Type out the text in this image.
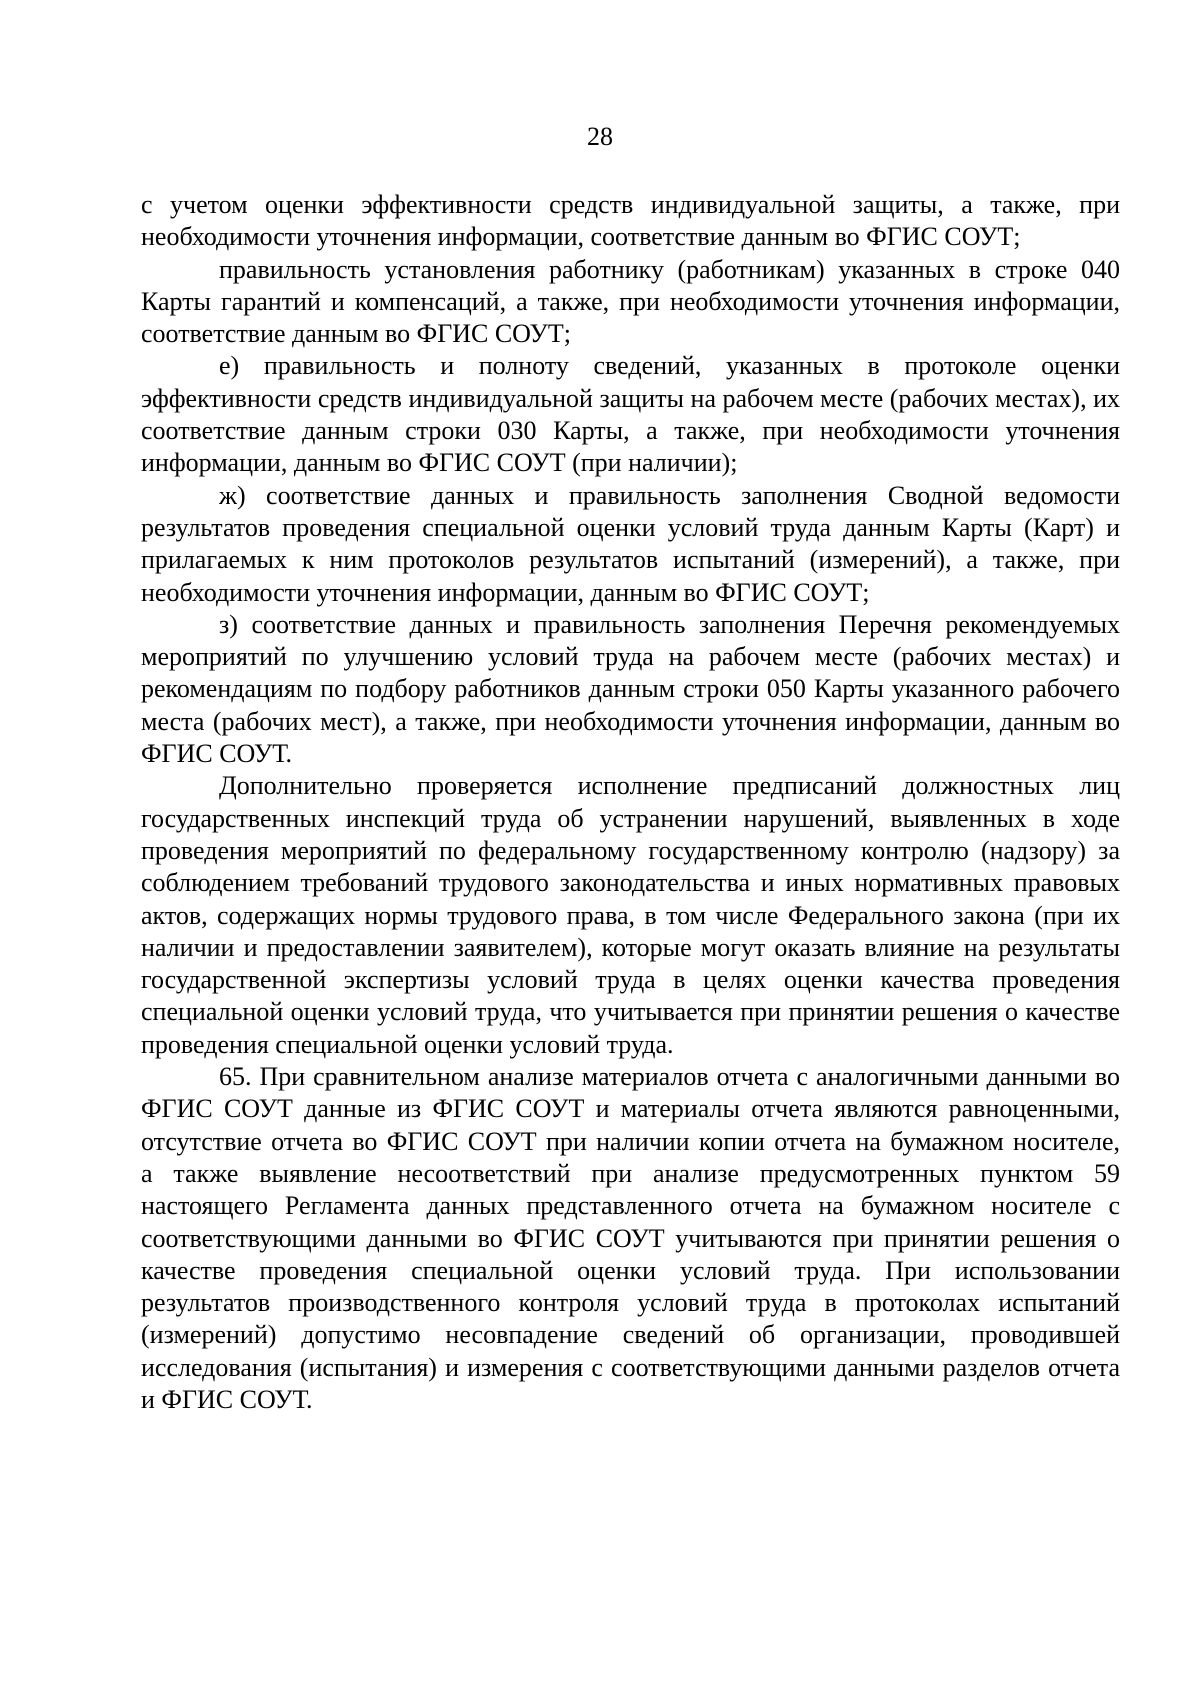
28

с учетом оценки эффективности средств индивидуальной защиты, а также, при необходимости уточнения информации, соответствие данным во ФГИС СОУТ;

правильность установления работнику (работникам) указанных в строке 040 Карты гарантий и компенсаций, а также, при необходимости уточнения информации, соответствие данным во ФГИС СОУТ;

е) правильность и полноту сведений, указанных в протоколе оценки эффективности средств индивидуальной защиты на рабочем месте (рабочих местах), их соответствие данным строки 030 Карты, а также, при необходимости уточнения информации, данным во ФГИС СОУТ (при наличии);

ж) соответствие данных и правильность заполнения Сводной ведомости результатов проведения специальной оценки условий труда данным Карты (Карт) и прилагаемых к ним протоколов результатов испытаний (измерений), а также, при необходимости уточнения информации, данным во ФГИС СОУТ;

з) соответствие данных и правильность заполнения Перечня рекомендуемых мероприятий по улучшению условий труда на рабочем месте (рабочих местах) и рекомендациям по подбору работников данным строки 050 Карты указанного рабочего места (рабочих мест), а также, при необходимости уточнения информации, данным во ФГИС СОУТ.

Дополнительно проверяется исполнение предписаний должностных лиц государственных инспекций труда об устранении нарушений, выявленных в ходе проведения мероприятий по федеральному государственному контролю (надзору) за соблюдением требований трудового законодательства и иных нормативных правовых актов, содержащих нормы трудового права, в том числе Федерального закона (при их наличии и предоставлении заявителем), которые могут оказать влияние на результаты государственной экспертизы условий труда в целях оценки качества проведения специальной оценки условий труда, что учитывается при принятии решения о качестве проведения специальной оценки условий труда.

65. При сравнительном анализе материалов отчета с аналогичными данными во ФГИС СОУТ данные из ФГИС СОУТ и материалы отчета являются равноценными, отсутствие отчета во ФГИС СОУТ при наличии копии отчета на бумажном носителе,

а также выявление несоответствий при анализе предусмотренных пунктом 59 настоящего Регламента данных представленного отчета на бумажном носителе с соответствующими данными во ФГИС СОУТ учитываются при принятии решения о качестве проведения специальной оценки условий труда. При использовании результатов производственного контроля условий труда в протоколах испытаний (измерений) допустимо несовпадение сведений об организации, проводившей исследования (испытания) и измерения с соответствующими данными разделов отчета и ФГИС СОУТ.
